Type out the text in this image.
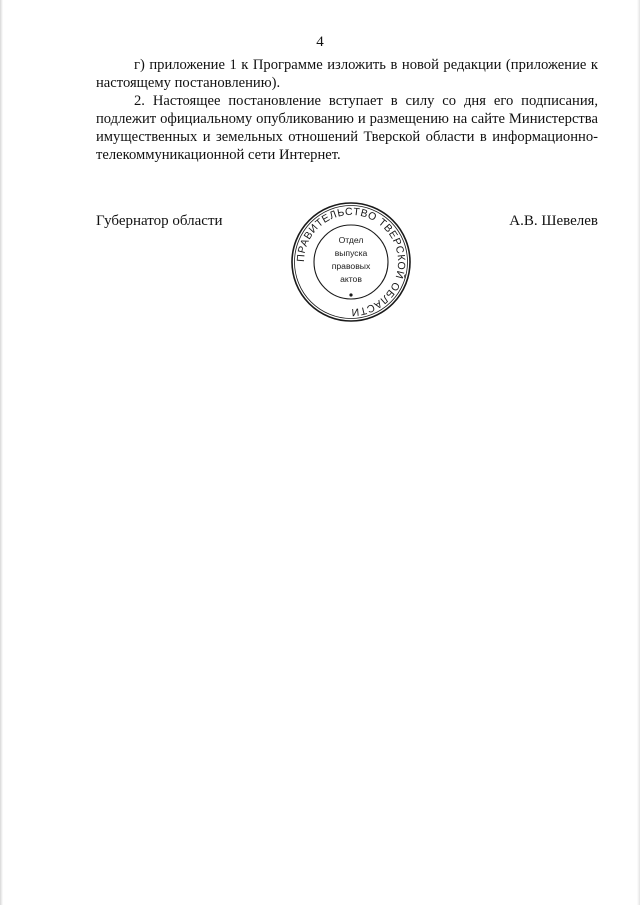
4

г) приложение 1 к Программе изложить в новой редакции (приложение к настоящему постановлению).

2. Настоящее постановление вступает в силу со дня его подписания, подлежит официальному опубликованию и размещению на сайте Министерства имущественных и земельных отношений Тверской области в информационно-телекоммуникационной сети Интернет.

Губернатор области
ПРАВИТЕЛЬСТВО ТВЕРСКОЙ ОБЛАСТИ
Отдел
выпуска
правовых
актов
А.В. Шевелев
